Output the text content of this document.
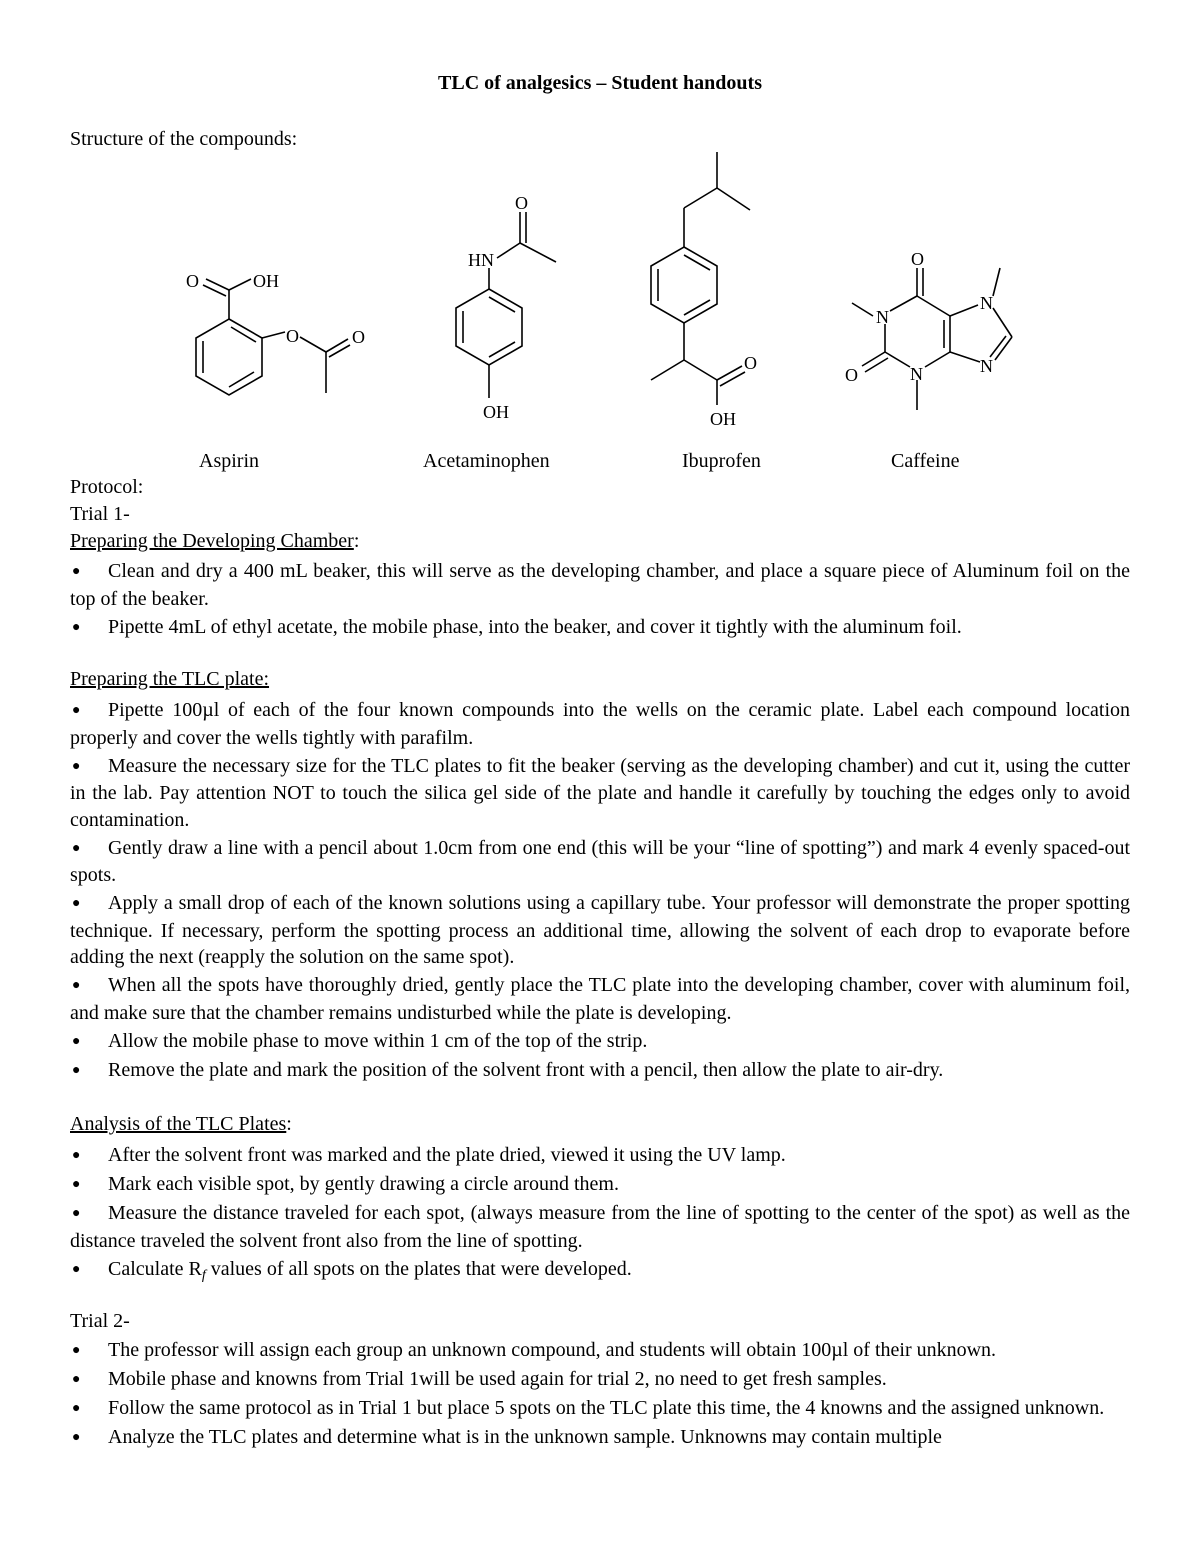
TLC of analgesics – Student handouts
Structure of the compounds:
O	OH
O	O
O
HN
OH
O
OH
O
N
N
N
O	N
Aspirin	Acetaminophen	Ibuprofen	Caffeine
Protocol:
Trial 1-
Preparing the Developing Chamber:

● Clean and dry a 400 mL beaker, this will serve as the developing chamber, and place a square piece of Aluminum foil on the top of the beaker.

● Pipette 4mL of ethyl acetate, the mobile phase, into the beaker, and cover it tightly with the aluminum foil.

Preparing the TLC plate:

● Pipette 100µl of each of the four known compounds into the wells on the ceramic plate. Label each compound location properly and cover the wells tightly with parafilm.

● Measure the necessary size for the TLC plates to fit the beaker (serving as the developing chamber) and cut it, using the cutter in the lab. Pay attention NOT to touch the silica gel side of the plate and handle it carefully by touching the edges only to avoid contamination.

● Gently draw a line with a pencil about 1.0cm from one end (this will be your “line of spotting”) and mark 4 evenly spaced-out spots.

● Apply a small drop of each of the known solutions using a capillary tube. Your professor will demonstrate the proper spotting technique. If necessary, perform the spotting process an additional time, allowing the solvent of each drop to evaporate before adding the next (reapply the solution on the same spot).

● When all the spots have thoroughly dried, gently place the TLC plate into the developing chamber, cover with aluminum foil, and make sure that the chamber remains undisturbed while the plate is developing.

● Allow the mobile phase to move within 1 cm of the top of the strip.

● Remove the plate and mark the position of the solvent front with a pencil, then allow the plate to air-dry.

Analysis of the TLC Plates:

● After the solvent front was marked and the plate dried, viewed it using the UV lamp.

● Mark each visible spot, by gently drawing a circle around them.

● Measure the distance traveled for each spot, (always measure from the line of spotting to the center of the spot) as well as the distance traveled the solvent front also from the line of spotting.

● Calculate $R_f$ values of all spots on the plates that were developed.

Trial 2-

● The professor will assign each group an unknown compound, and students will obtain 100µl of their unknown.

● Mobile phase and knowns from Trial 1will be used again for trial 2, no need to get fresh samples.

● Follow the same protocol as in Trial 1 but place 5 spots on the TLC plate this time, the 4 knowns and the assigned unknown.

● Analyze the TLC plates and determine what is in the unknown sample. Unknowns may contain multiple
